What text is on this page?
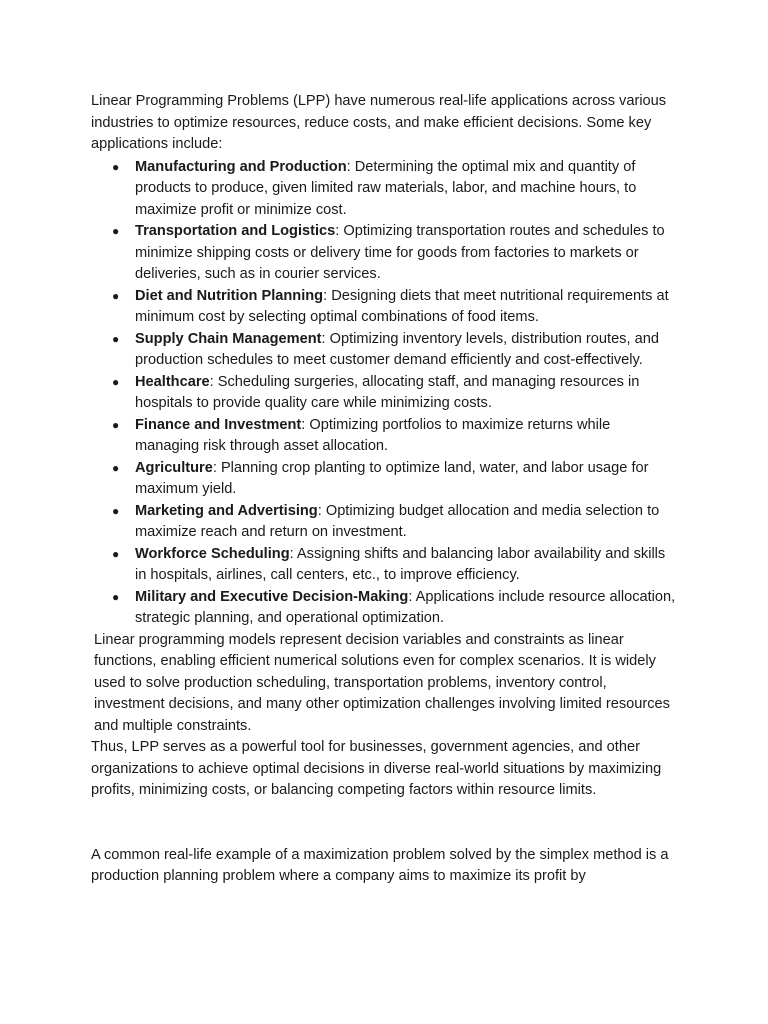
Linear Programming Problems (LPP) have numerous real-life applications across various industries to optimize resources, reduce costs, and make efficient decisions. Some key applications include:

● Manufacturing and Production: Determining the optimal mix and quantity of products to produce, given limited raw materials, labor, and machine hours, to maximize profit or minimize cost.
● Transportation and Logistics: Optimizing transportation routes and schedules to minimize shipping costs or delivery time for goods from factories to markets or deliveries, such as in courier services.
● Diet and Nutrition Planning: Designing diets that meet nutritional requirements at minimum cost by selecting optimal combinations of food items.
● Supply Chain Management: Optimizing inventory levels, distribution routes, and production schedules to meet customer demand efficiently and cost-effectively.
● Healthcare: Scheduling surgeries, allocating staff, and managing resources in hospitals to provide quality care while minimizing costs.
● Finance and Investment: Optimizing portfolios to maximize returns while managing risk through asset allocation.
● Agriculture: Planning crop planting to optimize land, water, and labor usage for maximum yield.
● Marketing and Advertising: Optimizing budget allocation and media selection to maximize reach and return on investment.
● Workforce Scheduling: Assigning shifts and balancing labor availability and skills in hospitals, airlines, call centers, etc., to improve efficiency.
● Military and Executive Decision-Making: Applications include resource allocation, strategic planning, and operational optimization.

Linear programming models represent decision variables and constraints as linear functions, enabling efficient numerical solutions even for complex scenarios. It is widely used to solve production scheduling, transportation problems, inventory control, investment decisions, and many other optimization challenges involving limited resources and multiple constraints.

Thus, LPP serves as a powerful tool for businesses, government agencies, and other organizations to achieve optimal decisions in diverse real-world situations by maximizing profits, minimizing costs, or balancing competing factors within resource limits.

A common real-life example of a maximization problem solved by the simplex method is a production planning problem where a company aims to maximize its profit by
